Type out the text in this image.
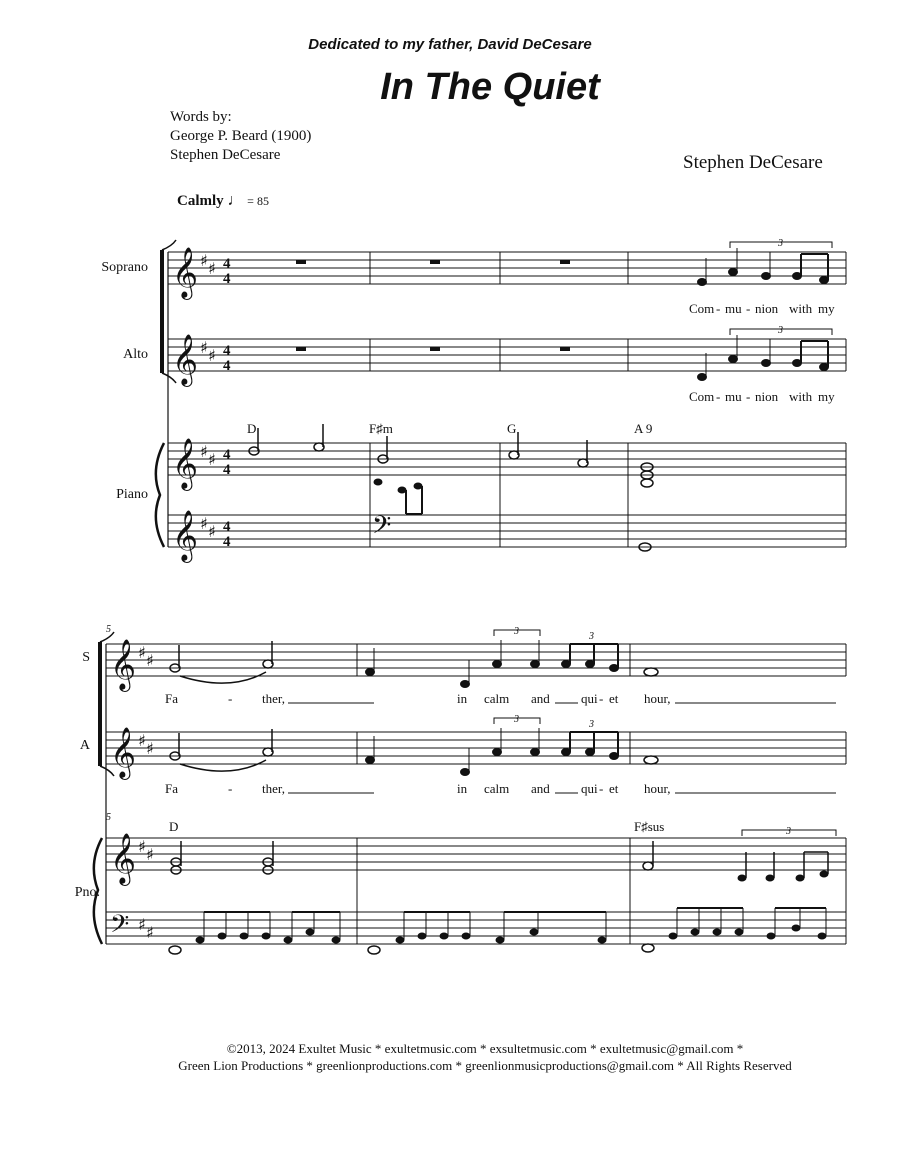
Dedicated to my father, David DeCesare
In The Quiet
Words by:
George P. Beard (1900)
Stephen DeCesare	Stephen DeCesare
Calmly ♩ = 85
Soprano
Alto
Piano
D	F♯m	G	A 9
Com - mu - nion with my
Com - mu - nion with my
S
A
Pno.
5
5
D	F♯sus
Fa	- ther,	in calm and qui - et hour,
Fa	- ther,	in calm and qui - et hour,
𝄞
𝄞
𝄞
𝄞	𝄢
𝄞
𝄞
𝄞
𝄢
♯ ♯
♯ ♯
♯ ♯
♯ ♯
♯ ♯
♯ ♯
♯ ♯
♯ ♯
4
4
4
4
4
4
4
4
3
3
3
3
3
3
3
©2013, 2024 Exultet Music * exultetmusic.com * exsultetmusic.com * exultetmusic@gmail.com *
Green Lion Productions * greenlionproductions.com * greenlionmusicproductions@gmail.com * All Rights Reserved
